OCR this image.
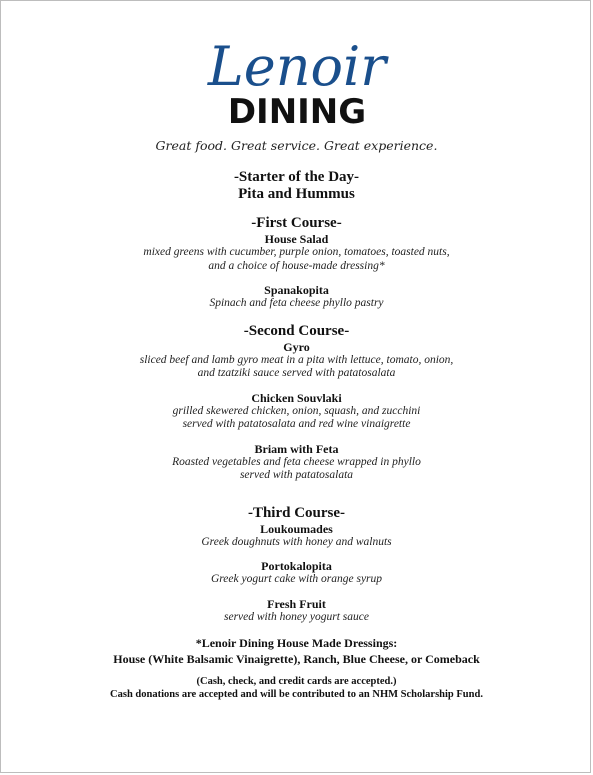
Lenoir
DINING
Great food. Great service. Great experience.
-Starter of the Day-
Pita and Hummus
-First Course-
House Salad
mixed greens with cucumber, purple onion, tomatoes, toasted nuts,
and a choice of house-made dressing*
Spanakopita
Spinach and feta cheese phyllo pastry
-Second Course-
Gyro
sliced beef and lamb gyro meat in a pita with lettuce, tomato, onion,
and tzatziki sauce served with patatosalata
Chicken Souvlaki
grilled skewered chicken, onion, squash, and zucchini
served with patatosalata and red wine vinaigrette
Briam with Feta
Roasted vegetables and feta cheese wrapped in phyllo
served with patatosalata
-Third Course-
Loukoumades
Greek doughnuts with honey and walnuts
Portokalopita
Greek yogurt cake with orange syrup
Fresh Fruit
served with honey yogurt sauce
*Lenoir Dining House Made Dressings:
House (White Balsamic Vinaigrette), Ranch, Blue Cheese, or Comeback
(Cash, check, and credit cards are accepted.)
Cash donations are accepted and will be contributed to an NHM Scholarship Fund.
